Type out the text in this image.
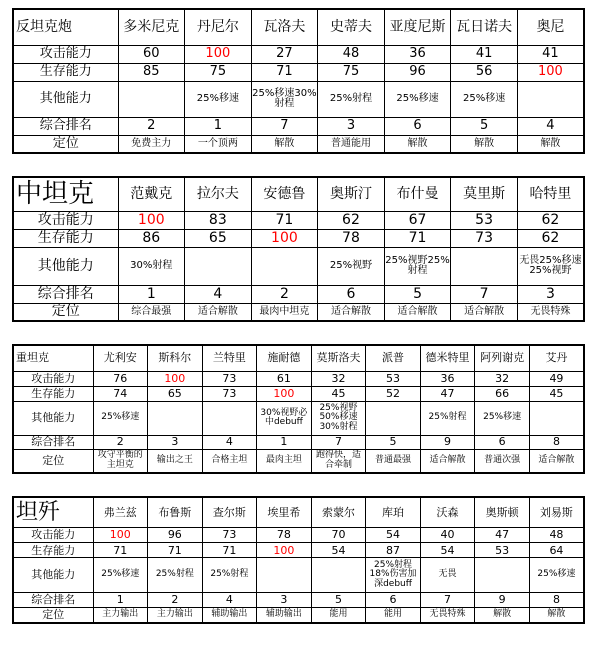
反坦克炮	多米尼克	丹尼尔	瓦洛夫	史蒂夫	亚度尼斯	瓦日诺夫	奥尼
攻击能力	60	100	27	48	36	41	41
生存能力	85	75	71	75	96	56	100
其他能力		25%移速	25%移速30%射程	25%射程	25%移速	25%移速	
综合排名	2	1	7	3	6	5	4
定位	免费主力	一个顶两	解散	普通能用	解散	解散	解散
中坦克	范戴克	拉尔夫	安德鲁	奥斯汀	布什曼	莫里斯	哈特里
攻击能力	100	83	71	62	67	53	62
生存能力	86	65	100	78	71	73	62
其他能力	30%射程			25%视野	25%视野25%射程		无畏25%移速25%视野
综合排名	1	4	2	6	5	7	3
定位	综合最强	适合解散	最肉中坦克	适合解散	适合解散	适合解散	无畏特殊
重坦克	尤利安	斯科尔	兰特里	施耐德	莫斯洛夫	派普	德米特里	阿列谢克	艾丹
攻击能力	76	100	73	61	32	53	36	32	49
生存能力	74	65	73	100	45	52	47	66	45
其他能力	25%移速			30%视野必中debuff	25%视野50%移速30%射程		25%射程	25%移速	
综合排名	2	3	4	1	7	5	9	6	8
定位	攻守平衡的主坦克	输出之王	合格主坦	最肉主坦	跑得快，适合牵制	普通最强	适合解散	普通次强	适合解散
坦歼	弗兰兹	布鲁斯	查尔斯	埃里希	索蒙尔	库珀	沃森	奥斯顿	刘易斯
攻击能力	100	96	73	78	70	54	40	47	48
生存能力	71	71	71	100	54	87	54	53	64
其他能力	25%移速	25%射程	25%射程			25%射程18%伤害加深debuff	无畏		25%移速
综合排名	1	2	4	3	5	6	7	9	8
定位	主力输出	主力输出	辅助输出	辅助输出	能用	能用	无畏特殊	解散	解散
